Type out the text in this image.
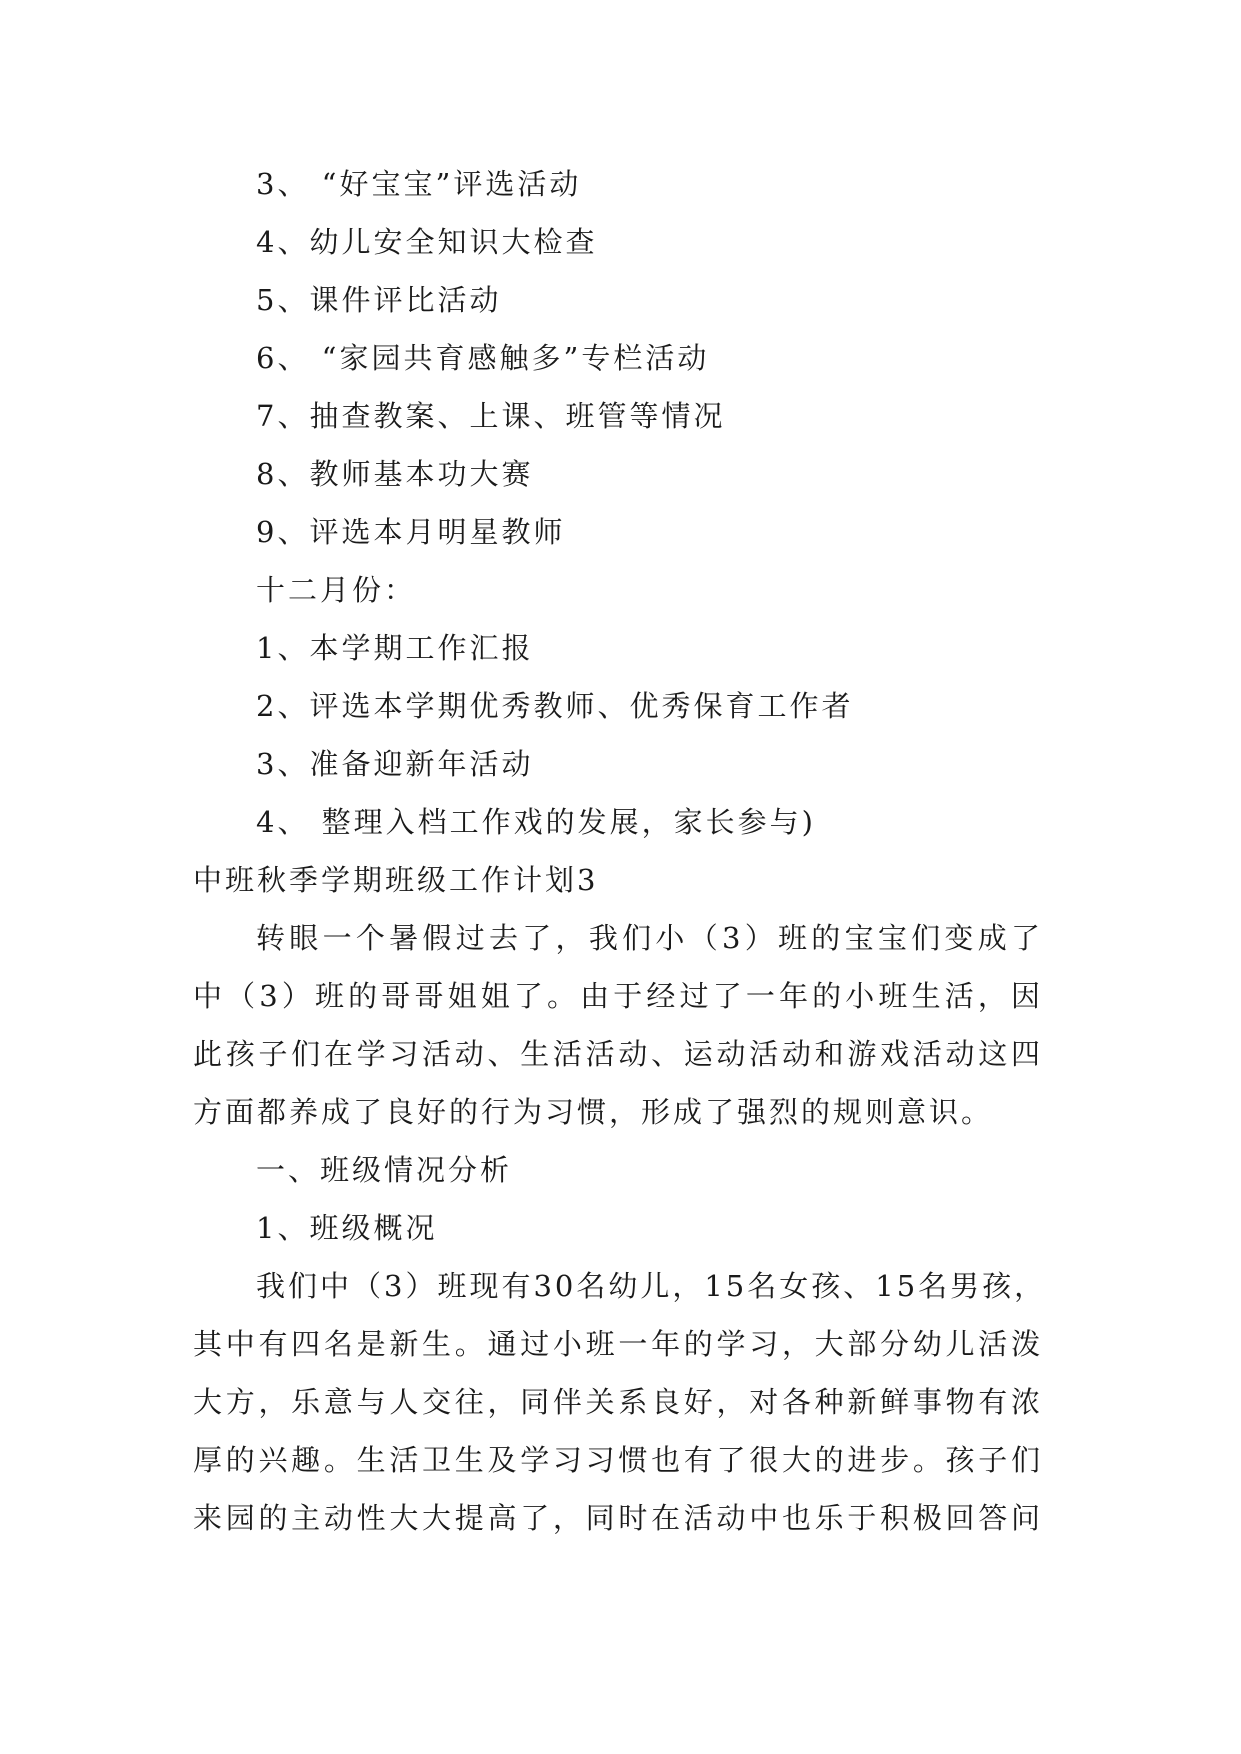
3、 “好宝宝”评选活动
4、幼儿安全知识大检查
5、课件评比活动
6、 “家园共育感触多”专栏活动
7、抽查教案、上课、班管等情况
8、教师基本功大赛
9、评选本月明星教师
十二月份：
1、本学期工作汇报
2、评选本学期优秀教师、优秀保育工作者
3、准备迎新年活动
4、 整理入档工作戏的发展，家长参与)
中班秋季学期班级工作计划3
转眼一个暑假过去了，我们小（3）班的宝宝们变成了
中（3）班的哥哥姐姐了。由于经过了一年的小班生活，因
此孩子们在学习活动、生活活动、运动活动和游戏活动这四
方面都养成了良好的行为习惯，形成了强烈的规则意识。
一、班级情况分析
1、班级概况
我们中（3）班现有30名幼儿，15名女孩、15名男孩，
其中有四名是新生。通过小班一年的学习，大部分幼儿活泼
大方，乐意与人交往，同伴关系良好，对各种新鲜事物有浓
厚的兴趣。生活卫生及学习习惯也有了很大的进步。孩子们
来园的主动性大大提高了，同时在活动中也乐于积极回答问
